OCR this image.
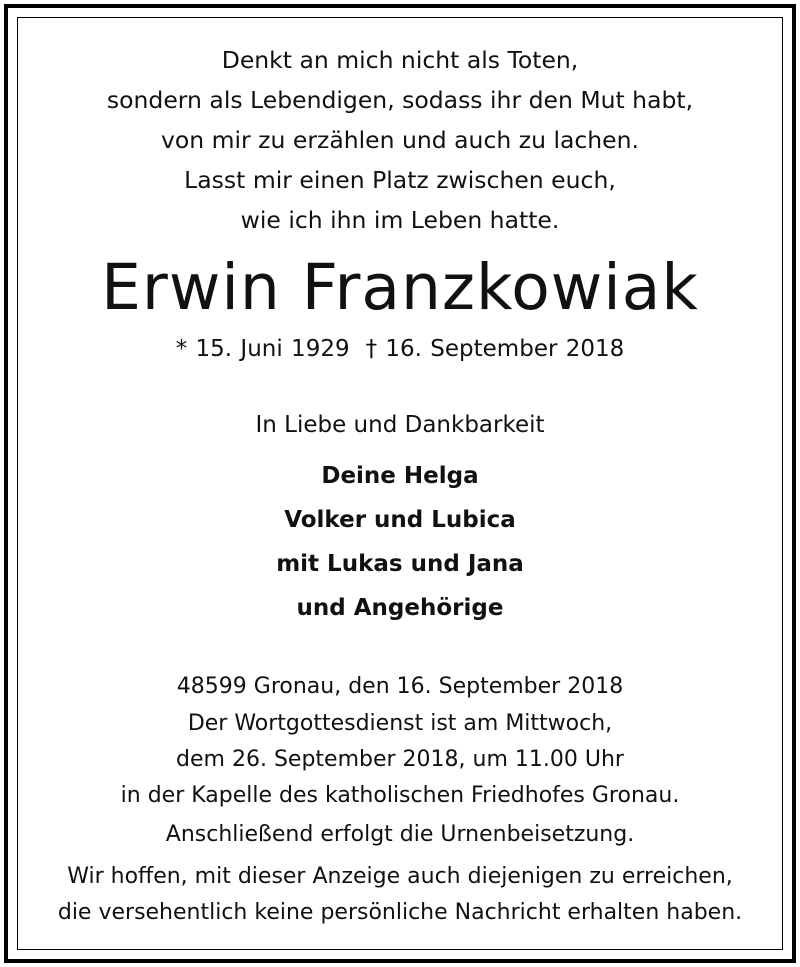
Denkt an mich nicht als Toten,
sondern als Lebendigen, sodass ihr den Mut habt,
von mir zu erzählen und auch zu lachen.
Lasst mir einen Platz zwischen euch,
wie ich ihn im Leben hatte.
Erwin Franzkowiak
* 15. Juni 1929 † 16. September 2018
In Liebe und Dankbarkeit
Deine Helga
Volker und Lubica
mit Lukas und Jana
und Angehörige
48599 Gronau, den 16. September 2018
Der Wortgottesdienst ist am Mittwoch,
dem 26. September 2018, um 11.00 Uhr
in der Kapelle des katholischen Friedhofes Gronau.
Anschließend erfolgt die Urnenbeisetzung.
Wir hoffen, mit dieser Anzeige auch diejenigen zu erreichen,
die versehentlich keine persönliche Nachricht erhalten haben.
